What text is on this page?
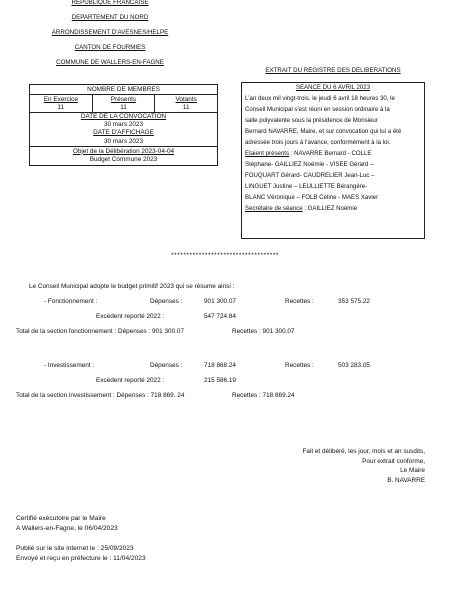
REPUBLIQUE FRANCAISE
DEPARTEMENT DU NORD
ARRONDISSEMENT D'AVESNES/HELPE
CANTON DE FOURMIES
COMMUNE DE WALLERS-EN-FAGNE
NOMBRE DE MEMBRES
En Exercice	Présents	Votants
11	11	11
DATE DE LA CONVOCATION
30 mars 2023
DATE D'AFFICHAGE
30 mars 2023
Objet de la Délibération 2023-04-04
Budget Commune 2023
EXTRAIT DU REGISTRE DES DELIBERATIONS
SEANCE DU 6 AVRIL 2023
L'an deux mil vingt-trois, le jeudi 6 avril 18 heures 30, le
Conseil Municipal s'est réuni en session ordinaire à la
salle polyvalente sous la présidence de Monsieur
Bernard NAVARRE, Maire, et sur convocation qui lui a été
adressée trois jours à l'avance, conformément à la loi.
Etaient présents : NAVARRE Bernard - COLLE
Stéphane- GAILLIEZ Noémie - VISEE Gérard –
FOUQUART Gérard- CAUDRELIER Jean-Luc –
LINGUET Justine – LEULLIETTE Bérangère-
BLANC Véronique – FOLB Céline - MAES Xavier
Secrétaire de séance : GAILLIEZ Noémie
***********************************
Le Conseil Municipal adopte le budget primitif 2023 qui se résume ainsi :
- Fonctionnement :	Dépenses :	901 300.07	Recettes :	353 575.22
Excédent reporté 2022 :	547 724.84
Total de la section fonctionnement : Dépenses : 901 300.07	Recettes : 901 300.07
- Investissement :	Dépenses :	718 868.24	Recettes :	503 283.05
Excédent reporté 2022 :	215 586.19
Total de la section investissement : Dépenses : 718 869. 24	Recettes : 718 869.24
Fait et délibéré, les jour, mois et an susdits,
Pour extrait conforme,
Le Maire
B. NAVARRE
Certifié exécutoire par le Maire
A Wallers-en-Fagne, le 06/04/2023
Publié sur le site internet le : 25/09/2023
Envoyé et reçu en préfecture le : 11/04/2023
